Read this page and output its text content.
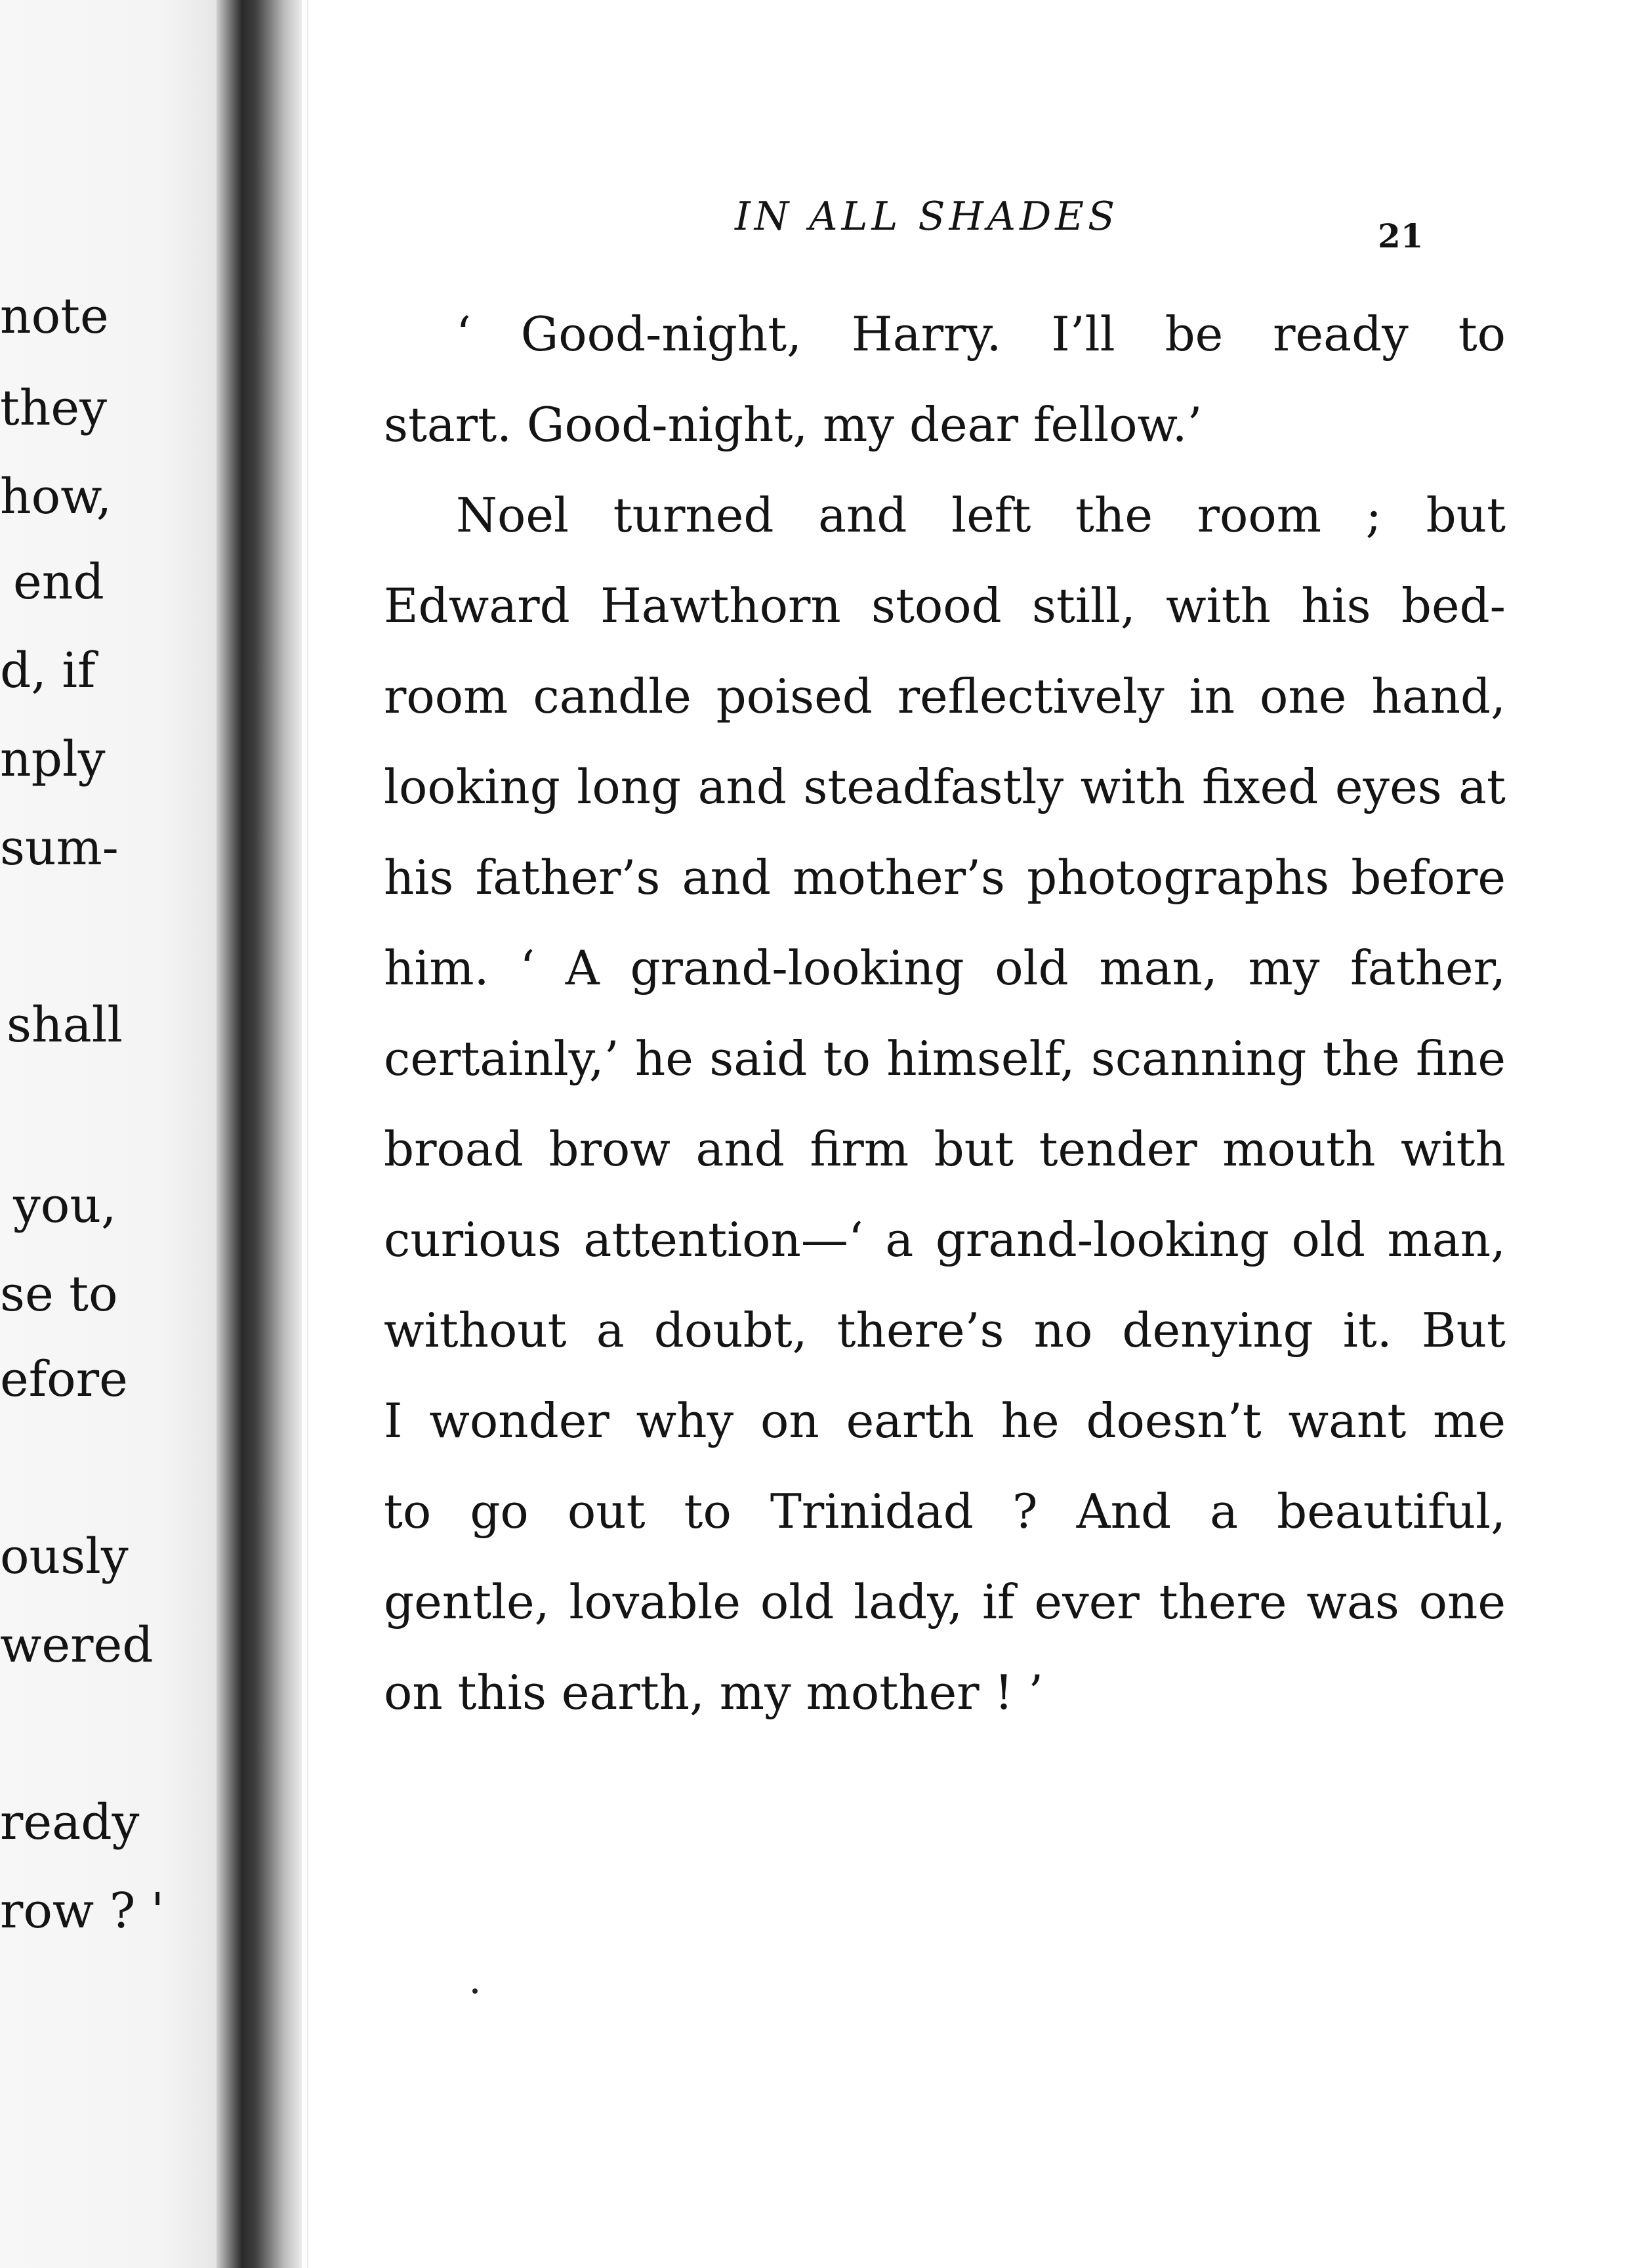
note
they
how,
end
d, if
nply
sum-
shall
you,
se to
efore
ously
wered
ready
row ? '
IN ALL SHADES	21
‘ Good-night, Harry. I’ll be ready to
start. Good-night, my dear fellow.’
Noel turned and left the room ; but
Edward Hawthorn stood still, with his bed-
room candle poised reflectively in one hand,
looking long and steadfastly with fixed eyes at
his father’s and mother’s photographs before
him. ‘ A grand-looking old man, my father,
certainly,’ he said to himself, scanning the fine
broad brow and firm but tender mouth with
curious attention—‘ a grand-looking old man,
without a doubt, there’s no denying it. But
I wonder why on earth he doesn’t want me
to go out to Trinidad ? And a beautiful,
gentle, lovable old lady, if ever there was one
on this earth, my mother ! ’
